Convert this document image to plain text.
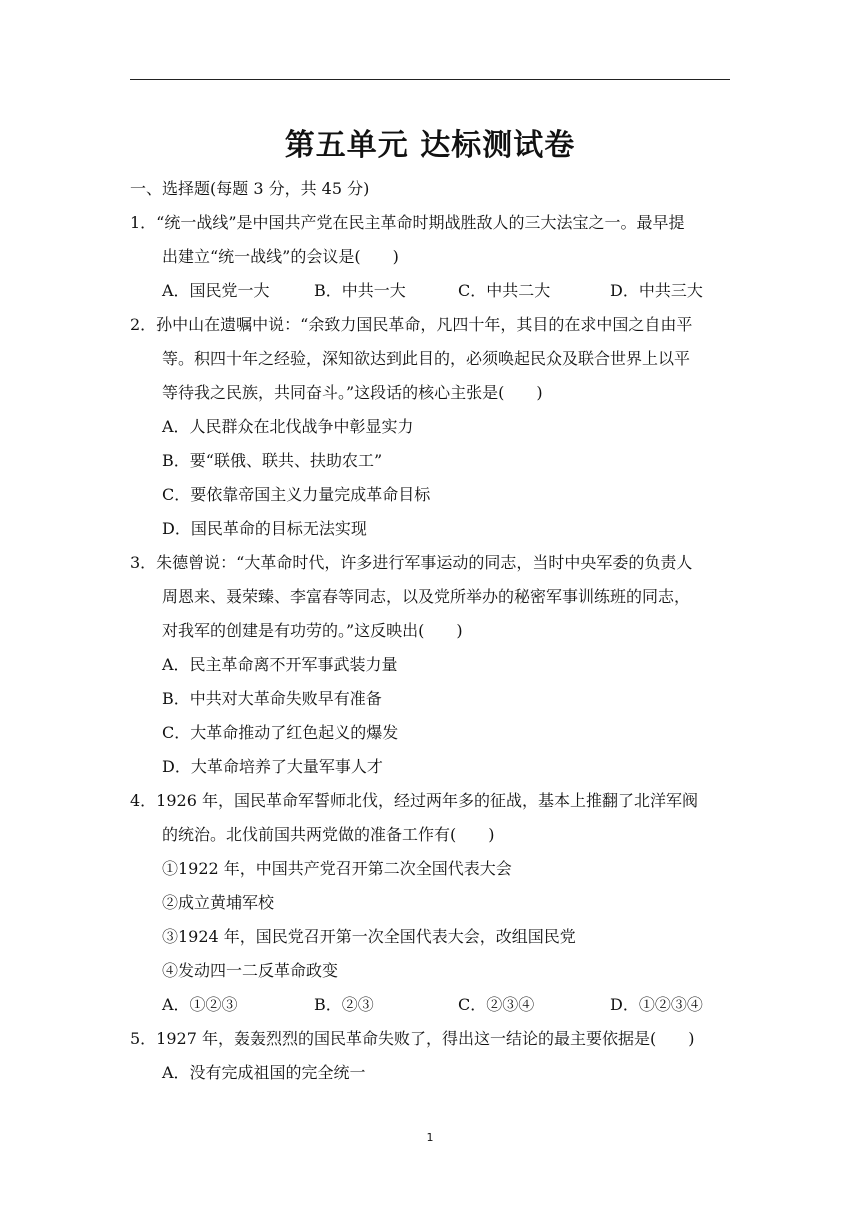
第五单元 达标测试卷
一、选择题(每题 3 分，共 45 分)
1．“统一战线”是中国共产党在民主革命时期战胜敌人的三大法宝之一。最早提
出建立“统一战线”的会议是(　　)
A．国民党一大	B．中共一大	C．中共二大	D．中共三大
2．孙中山在遗嘱中说：“余致力国民革命，凡四十年，其目的在求中国之自由平
等。积四十年之经验，深知欲达到此目的，必须唤起民众及联合世界上以平
等待我之民族，共同奋斗。”这段话的核心主张是(　　)
A．人民群众在北伐战争中彰显实力
B．要“联俄、联共、扶助农工”
C．要依靠帝国主义力量完成革命目标
D．国民革命的目标无法实现
3．朱德曾说：“大革命时代，许多进行军事运动的同志，当时中央军委的负责人
周恩来、聂荣臻、李富春等同志，以及党所举办的秘密军事训练班的同志，
对我军的创建是有功劳的。”这反映出(　　)
A．民主革命离不开军事武装力量
B．中共对大革命失败早有准备
C．大革命推动了红色起义的爆发
D．大革命培养了大量军事人才
4．1926 年，国民革命军誓师北伐，经过两年多的征战，基本上推翻了北洋军阀
的统治。北伐前国共两党做的准备工作有(　　)
①1922 年，中国共产党召开第二次全国代表大会
②成立黄埔军校
③1924 年，国民党召开第一次全国代表大会，改组国民党
④发动四一二反革命政变
A．①②③	B．②③	C．②③④	D．①②③④
5．1927 年，轰轰烈烈的国民革命失败了，得出这一结论的最主要依据是(　　)
A．没有完成祖国的完全统一
1
